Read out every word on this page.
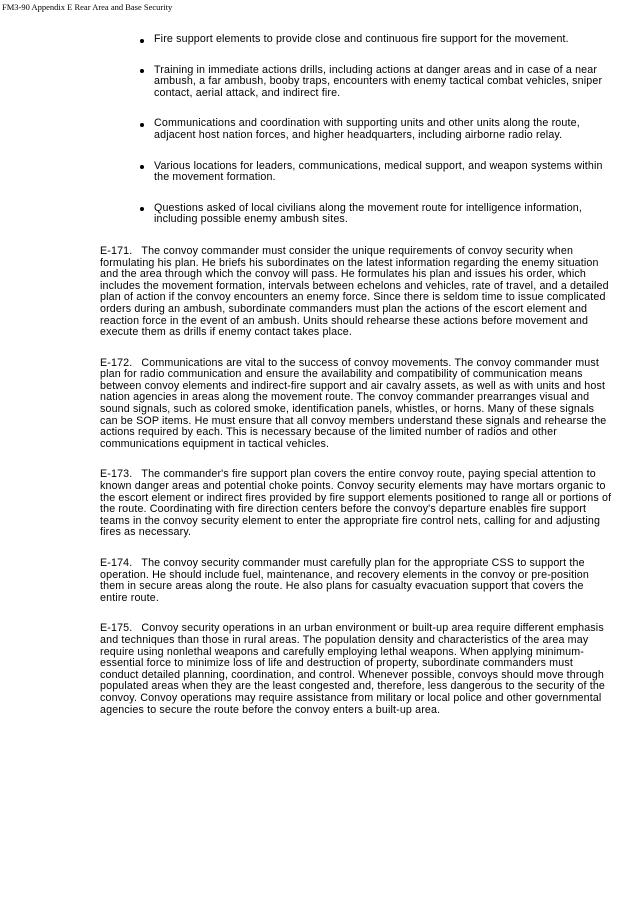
FM3-90 Appendix E Rear Area and Base Security
Fire support elements to provide close and continuous fire support for the movement.
Training in immediate actions drills, including actions at danger areas and in case of a near ambush, a far ambush, booby traps, encounters with enemy tactical combat vehicles, sniper contact, aerial attack, and indirect fire.
Communications and coordination with supporting units and other units along the route, adjacent host nation forces, and higher headquarters, including airborne radio relay.
Various locations for leaders, communications, medical support, and weapon systems within the movement formation.
Questions asked of local civilians along the movement route for intelligence information, including possible enemy ambush sites.

E-171. The convoy commander must consider the unique requirements of convoy security when formulating his plan. He briefs his subordinates on the latest information regarding the enemy situation and the area through which the convoy will pass. He formulates his plan and issues his order, which includes the movement formation, intervals between echelons and vehicles, rate of travel, and a detailed plan of action if the convoy encounters an enemy force. Since there is seldom time to issue complicated orders during an ambush, subordinate commanders must plan the actions of the escort element and reaction force in the event of an ambush. Units should rehearse these actions before movement and execute them as drills if enemy contact takes place.

E-172. Communications are vital to the success of convoy movements. The convoy commander must plan for radio communication and ensure the availability and compatibility of communication means between convoy elements and indirect-fire support and air cavalry assets, as well as with units and host nation agencies in areas along the movement route. The convoy commander prearranges visual and sound signals, such as colored smoke, identification panels, whistles, or horns. Many of these signals can be SOP items. He must ensure that all convoy members understand these signals and rehearse the actions required by each. This is necessary because of the limited number of radios and other communications equipment in tactical vehicles.

E-173. The commander's fire support plan covers the entire convoy route, paying special attention to known danger areas and potential choke points. Convoy security elements may have mortars organic to the escort element or indirect fires provided by fire support elements positioned to range all or portions of the route. Coordinating with fire direction centers before the convoy's departure enables fire support teams in the convoy security element to enter the appropriate fire control nets, calling for and adjusting fires as necessary.

E-174. The convoy security commander must carefully plan for the appropriate CSS to support the operation. He should include fuel, maintenance, and recovery elements in the convoy or pre-position them in secure areas along the route. He also plans for casualty evacuation support that covers the entire route.

E-175. Convoy security operations in an urban environment or built-up area require different emphasis and techniques than those in rural areas. The population density and characteristics of the area may require using nonlethal weapons and carefully employing lethal weapons. When applying minimum-essential force to minimize loss of life and destruction of property, subordinate commanders must conduct detailed planning, coordination, and control. Whenever possible, convoys should move through populated areas when they are the least congested and, therefore, less dangerous to the security of the convoy. Convoy operations may require assistance from military or local police and other governmental agencies to secure the route before the convoy enters a built-up area.
